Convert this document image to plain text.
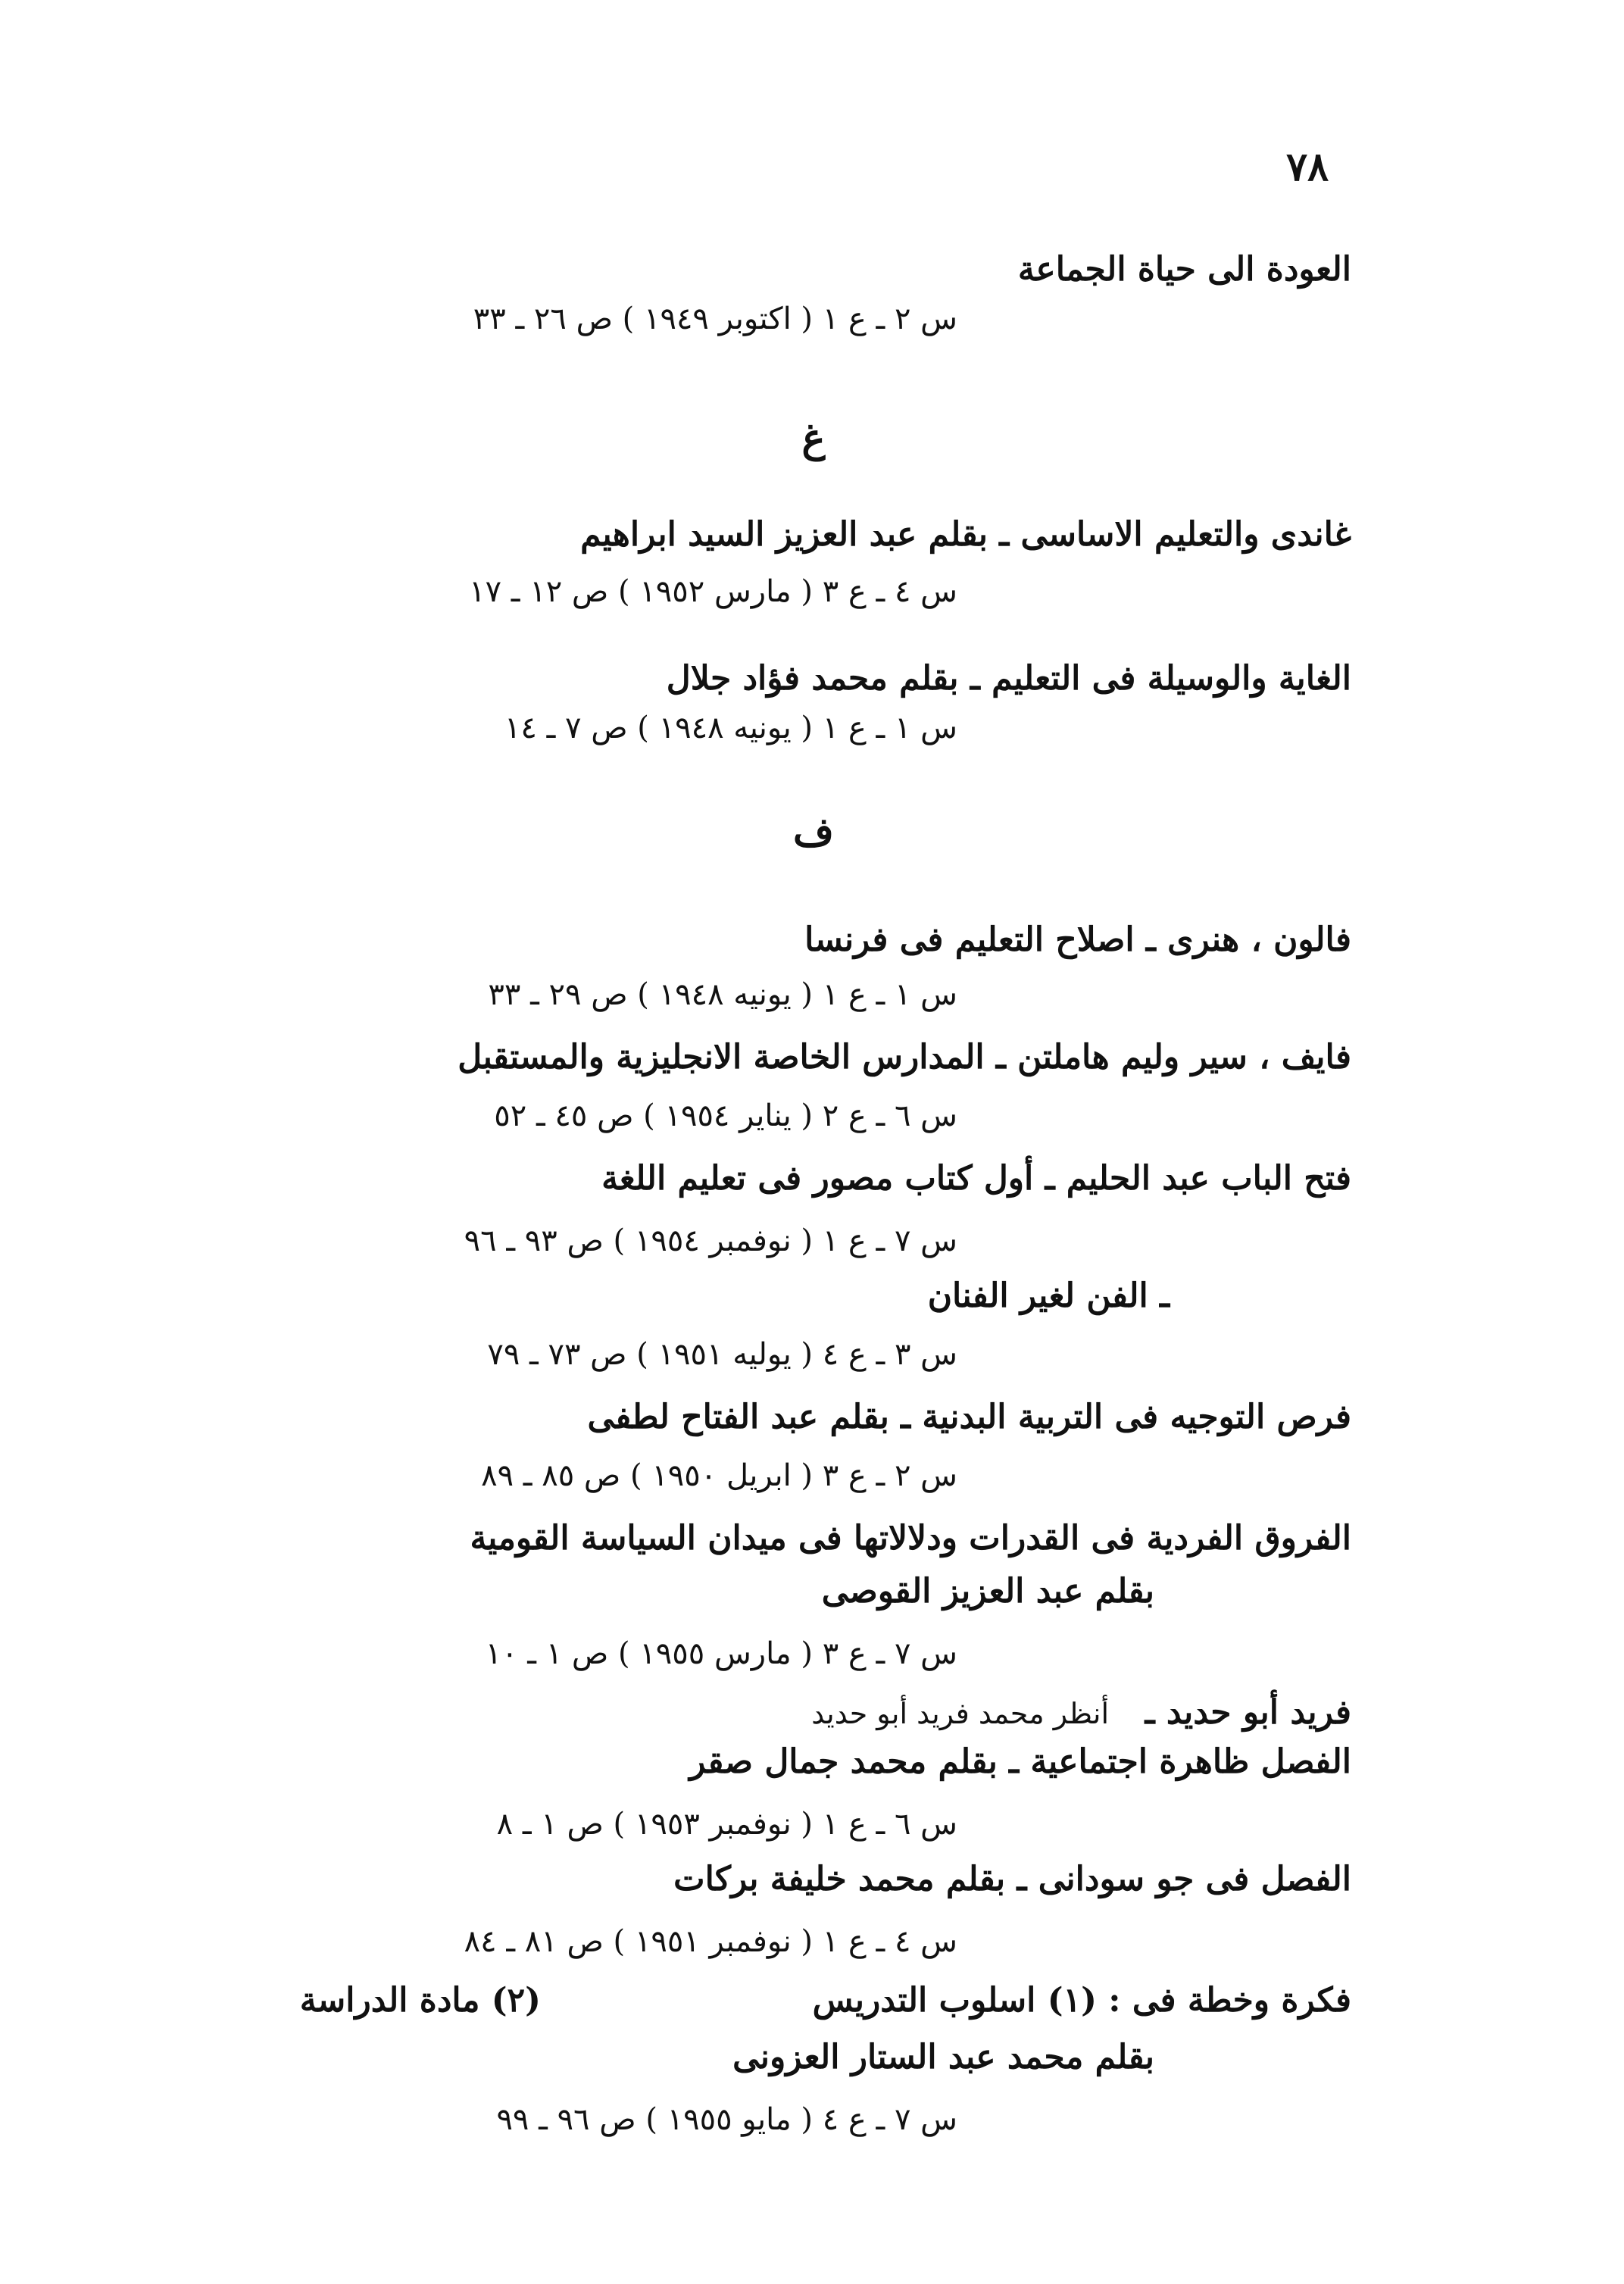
٧٨
العودة الى حياة الجماعة
س ٢ ـ ع ١ ( اكتوبر ١٩٤٩ ) ص ٢٦ ـ ٣٣
غ
غاندى والتعليم الاساسى ـ بقلم عبد العزيز السيد ابراهيم
س ٤ ـ ع ٣ ( مارس ١٩٥٢ ) ص ١٢ ـ ١٧
الغاية والوسيلة فى التعليم ـ بقلم محمد فؤاد جلال
س ١ ـ ع ١ ( يونيه ١٩٤٨ ) ص ٧ ـ ١٤
ف
فالون ، هنرى ـ اصلاح التعليم فى فرنسا
س ١ ـ ع ١ ( يونيه ١٩٤٨ ) ص ٢٩ ـ ٣٣
فايف ، سير وليم هاملتن ـ المدارس الخاصة الانجليزية والمستقبل
س ٦ ـ ع ٢ ( يناير ١٩٥٤ ) ص ٤٥ ـ ٥٢
فتح الباب عبد الحليم ـ أول كتاب مصور فى تعليم اللغة
س ٧ ـ ع ١ ( نوفمبر ١٩٥٤ ) ص ٩٣ ـ ٩٦
ـ الفن لغير الفنان
س ٣ ـ ع ٤ ( يوليه ١٩٥١ ) ص ٧٣ ـ ٧٩
فرص التوجيه فى التربية البدنية ـ بقلم عبد الفتاح لطفى
س ٢ ـ ع ٣ ( ابريل ١٩٥٠ ) ص ٨٥ ـ ٨٩
الفروق الفردية فى القدرات ودلالاتها فى ميدان السياسة القومية
بقلم عبد العزيز القوصى
س ٧ ـ ع ٣ ( مارس ١٩٥٥ ) ص ١ ـ ١٠
فريد أبو حديد ـ
أنظر محمد فريد أبو حديد
الفصل ظاهرة اجتماعية ـ بقلم محمد جمال صقر
س ٦ ـ ع ١ ( نوفمبر ١٩٥٣ ) ص ١ ـ ٨
الفصل فى جو سودانى ـ بقلم محمد خليفة بركات
س ٤ ـ ع ١ ( نوفمبر ١٩٥١ ) ص ٨١ ـ ٨٤
فكرة وخطة فى : (١) اسلوب التدريس
(٢) مادة الدراسة
بقلم محمد عبد الستار العزونى
س ٧ ـ ع ٤ ( مايو ١٩٥٥ ) ص ٩٦ ـ ٩٩
